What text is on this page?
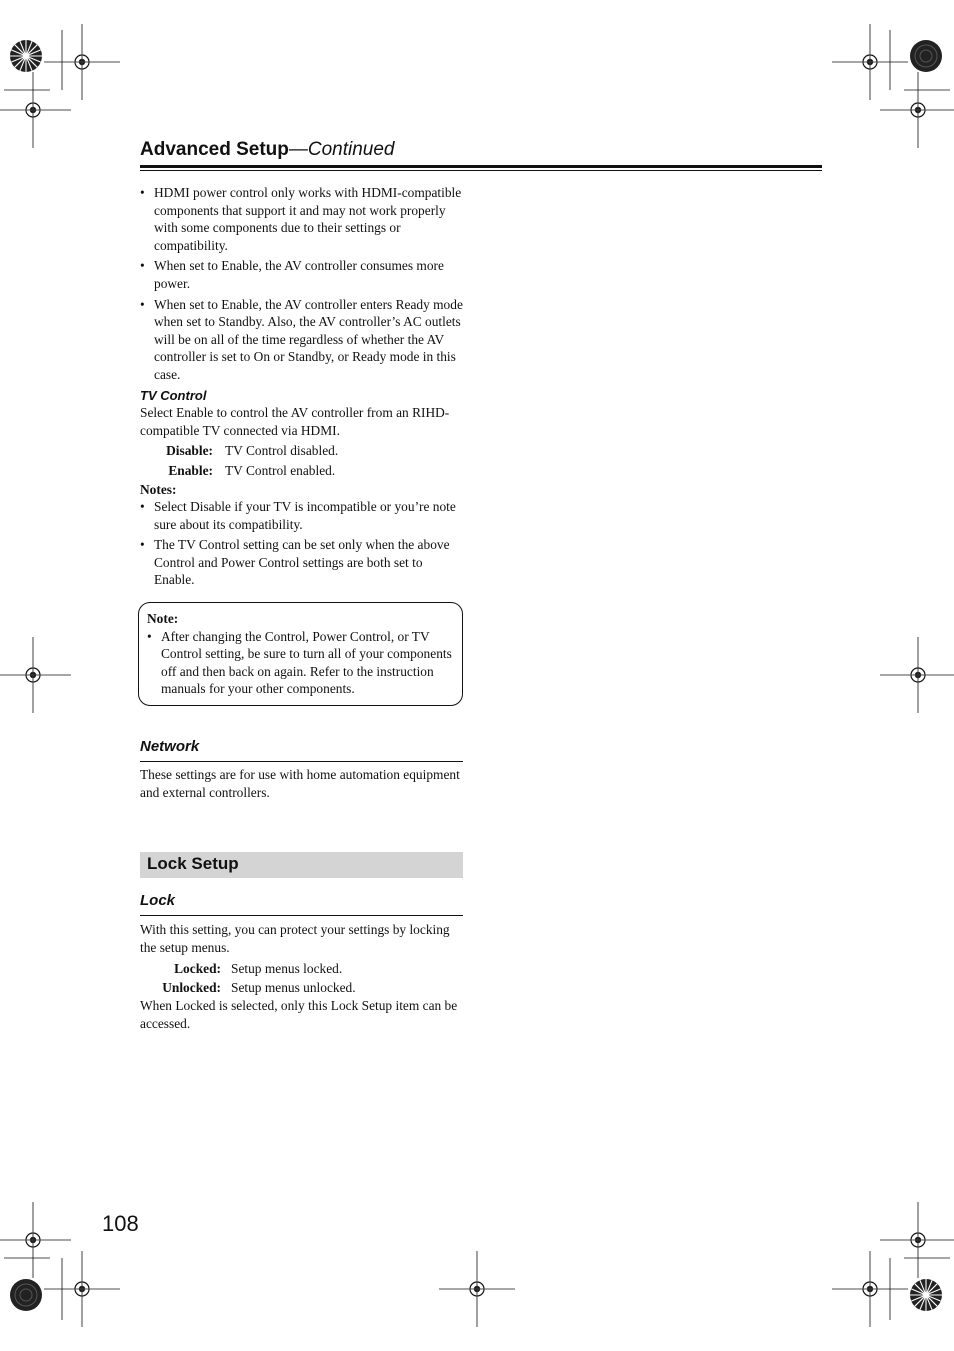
Advanced Setup—Continued
• HDMI power control only works with HDMI-compatible components that support it and may not work properly with some components due to their settings or compatibility.
• When set to Enable, the AV controller consumes more power.
• When set to Enable, the AV controller enters Ready mode when set to Standby. Also, the AV controller’s AC outlets will be on all of the time regardless of whether the AV controller is set to On or Standby, or Ready mode in this case.
TV Control
Select Enable to control the AV controller from an RIHD-compatible TV connected via HDMI.
Disable: TV Control disabled.
Enable: TV Control enabled.
Notes:
• Select Disable if your TV is incompatible or you’re note sure about its compatibility.
• The TV Control setting can be set only when the above Control and Power Control settings are both set to Enable.
Note:
• After changing the Control, Power Control, or TV Control setting, be sure to turn all of your components off and then back on again. Refer to the instruction manuals for your other components.
Network
These settings are for use with home automation equipment and external controllers.
Lock Setup
Lock
With this setting, you can protect your settings by locking the setup menus.
Locked: Setup menus locked.
Unlocked: Setup menus unlocked.
When Locked is selected, only this Lock Setup item can be accessed.
108
